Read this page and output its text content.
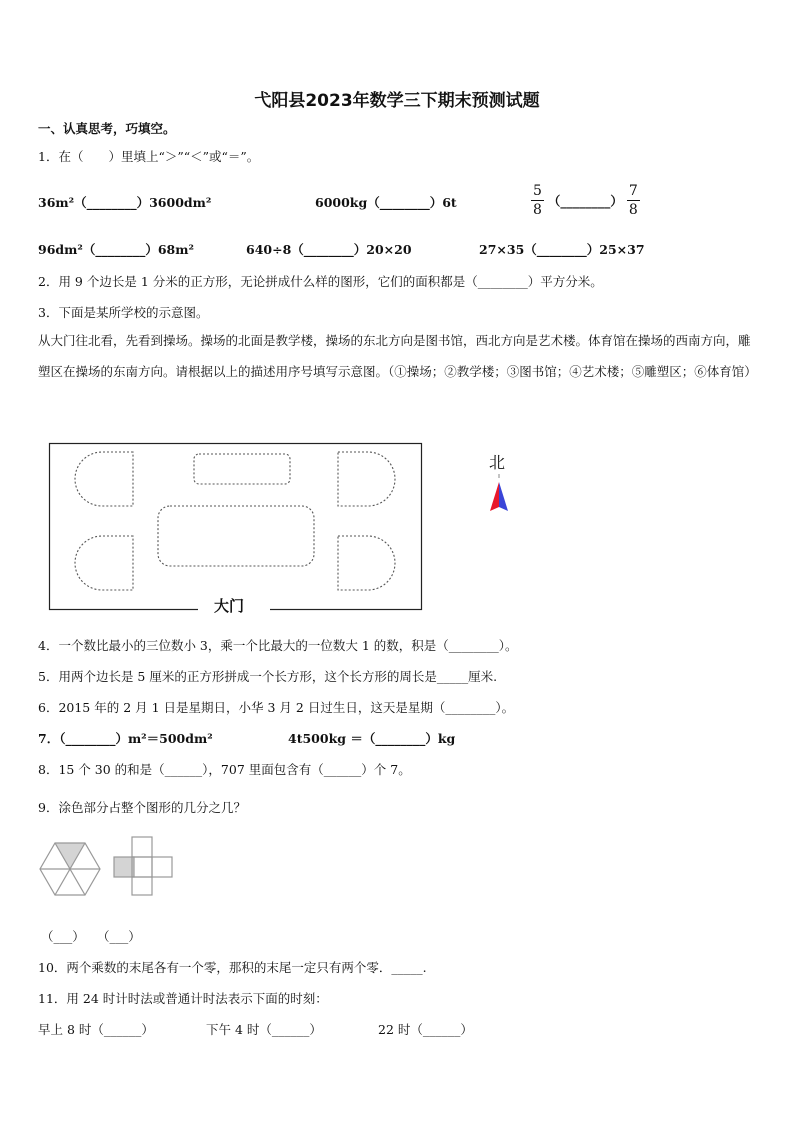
弋阳县2023年数学三下期末预测试题
一、认真思考，巧填空。
1．在（　　）里填上“＞”“＜”或“＝”。
36m²（________）3600dm²	6000kg（________）6t	$\frac{5}{8}$ （________） $\frac{7}{8}$
96dm²（________）68m²	640÷8（________）20×20	27×35（________）25×37
2．用 9 个边长是 1 分米的正方形，无论拼成什么样的图形，它们的面积都是（________）平方分米。
3．下面是某所学校的示意图。
从大门往北看，先看到操场。操场的北面是教学楼，操场的东北方向是图书馆，西北方向是艺术楼。体育馆在操场的西南方向，雕塑区在操场的东南方向。请根据以上的描述用序号填写示意图。（①操场；②教学楼；③图书馆；④艺术楼；⑤雕塑区；⑥体育馆）
大门
北
4．一个数比最小的三位数小 3，乘一个比最大的一位数大 1 的数，积是（________）。
5．用两个边长是 5 厘米的正方形拼成一个长方形，这个长方形的周长是_____厘米.
6．2015 年的 2 月 1 日是星期日，小华 3 月 2 日过生日，这天是星期（________）。
7．（________）m²＝500dm²	4t500kg ＝（________）kg
8．15 个 30 的和是（______），707 里面包含有（______）个 7。
9．涂色部分占整个图形的几分之几？
（___） （___）
10．两个乘数的末尾各有一个零，那积的末尾一定只有两个零．_____.
11．用 24 时计时法或普通计时法表示下面的时刻：
早上 8 时（______）	下午 4 时（______）	22 时（______）
